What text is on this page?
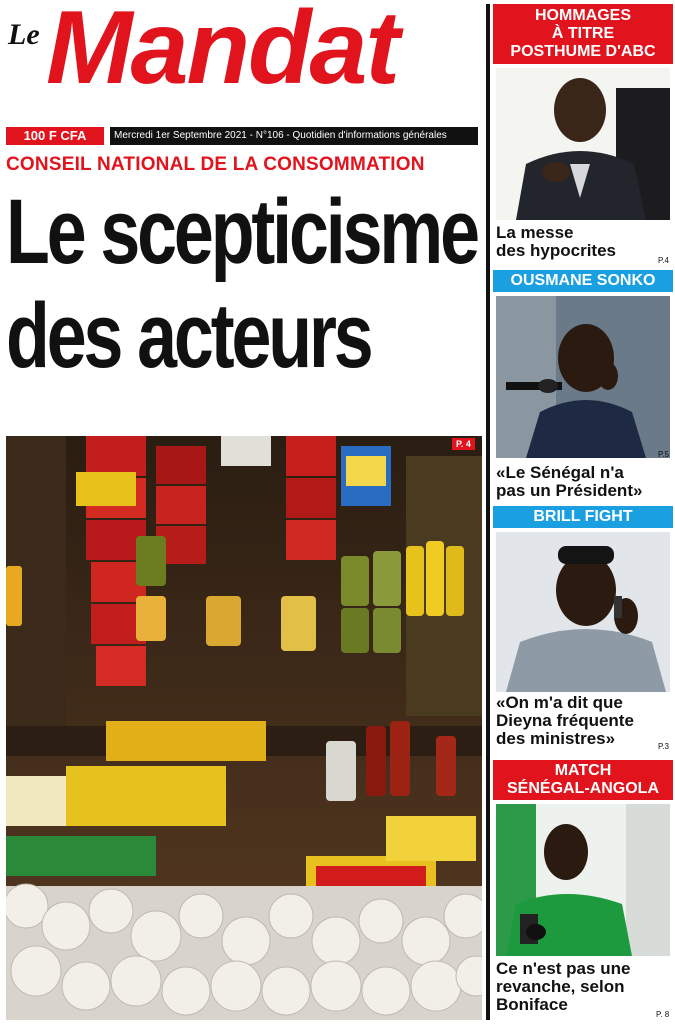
Le Mandat
100 F CFA	Mercredi 1er Septembre 2021 - N°106 - Quotidien d'informations générales
CONSEIL NATIONAL DE LA CONSOMMATION
Le scepticisme
des acteurs
P. 4
HOMMAGES
À TITRE
POSTHUME D'ABC
La messe
des hypocrites
P.4
OUSMANE SONKO
P.5
«Le Sénégal n'a
pas un Président»
BRILL FIGHT
«On m'a dit que
Dieyna fréquente
des ministres»	P.3
MATCH
SÉNÉGAL-ANGOLA
Ce n'est pas une
revanche, selon
Boniface
P. 8
